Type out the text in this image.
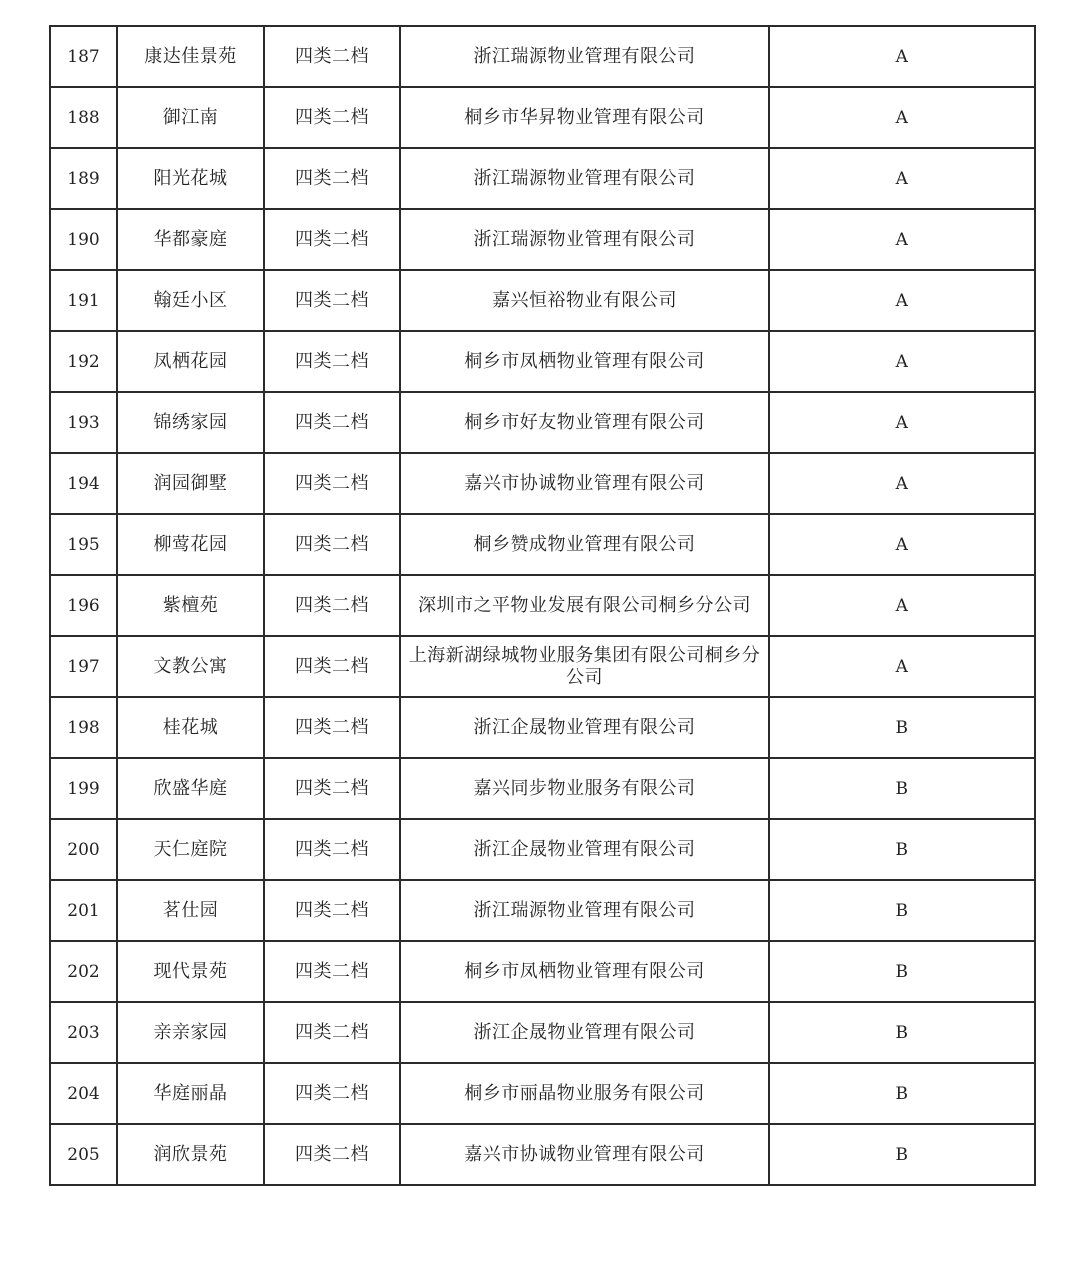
187	康达佳景苑	四类二档	浙江瑞源物业管理有限公司	A
188	御江南	四类二档	桐乡市华昇物业管理有限公司	A
189	阳光花城	四类二档	浙江瑞源物业管理有限公司	A
190	华都豪庭	四类二档	浙江瑞源物业管理有限公司	A
191	翰廷小区	四类二档	嘉兴恒裕物业有限公司	A
192	凤栖花园	四类二档	桐乡市凤栖物业管理有限公司	A
193	锦绣家园	四类二档	桐乡市好友物业管理有限公司	A
194	润园御墅	四类二档	嘉兴市协诚物业管理有限公司	A
195	柳莺花园	四类二档	桐乡赞成物业管理有限公司	A
196	紫檀苑	四类二档	深圳市之平物业发展有限公司桐乡分公司	A
197	文教公寓	四类二档	上海新湖绿城物业服务集团有限公司桐乡分公司	A
198	桂花城	四类二档	浙江企晟物业管理有限公司	B
199	欣盛华庭	四类二档	嘉兴同步物业服务有限公司	B
200	天仁庭院	四类二档	浙江企晟物业管理有限公司	B
201	茗仕园	四类二档	浙江瑞源物业管理有限公司	B
202	现代景苑	四类二档	桐乡市凤栖物业管理有限公司	B
203	亲亲家园	四类二档	浙江企晟物业管理有限公司	B
204	华庭丽晶	四类二档	桐乡市丽晶物业服务有限公司	B
205	润欣景苑	四类二档	嘉兴市协诚物业管理有限公司	B
